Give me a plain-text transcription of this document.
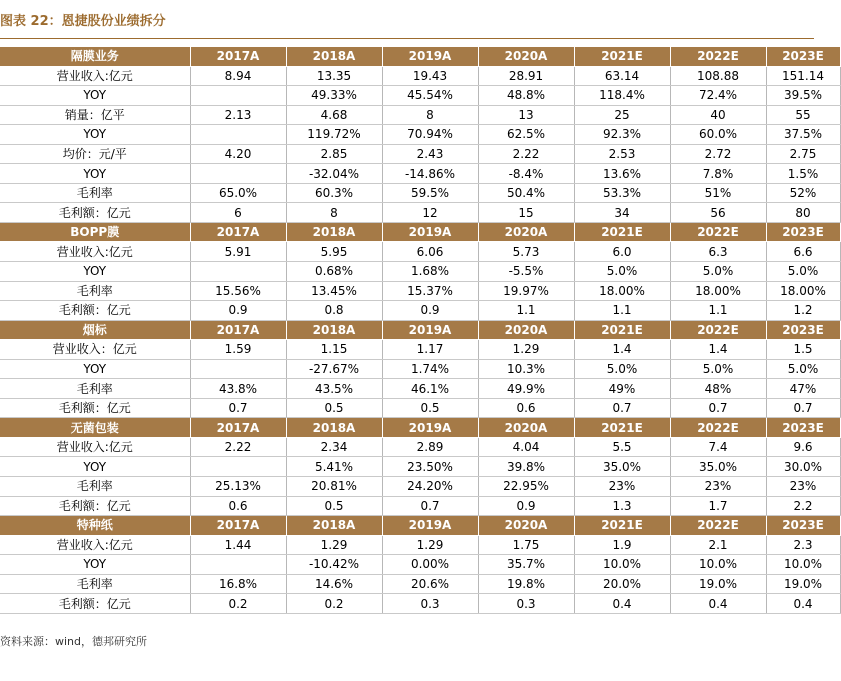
图表 22：恩捷股份业绩拆分
隔膜业务	2017A	2018A	2019A	2020A	2021E	2022E	2023E
营业收入:亿元	8.94	13.35	19.43	28.91	63.14	108.88	151.14
YOY		49.33%	45.54%	48.8%	118.4%	72.4%	39.5%
销量：亿平	2.13	4.68	8	13	25	40	55
YOY		119.72%	70.94%	62.5%	92.3%	60.0%	37.5%
均价：元/平	4.20	2.85	2.43	2.22	2.53	2.72	2.75
YOY		-32.04%	-14.86%	-8.4%	13.6%	7.8%	1.5%
毛利率	65.0%	60.3%	59.5%	50.4%	53.3%	51%	52%
毛利额：亿元	6	8	12	15	34	56	80
BOPP膜	2017A	2018A	2019A	2020A	2021E	2022E	2023E
营业收入:亿元	5.91	5.95	6.06	5.73	6.0	6.3	6.6
YOY		0.68%	1.68%	-5.5%	5.0%	5.0%	5.0%
毛利率	15.56%	13.45%	15.37%	19.97%	18.00%	18.00%	18.00%
毛利额：亿元	0.9	0.8	0.9	1.1	1.1	1.1	1.2
烟标	2017A	2018A	2019A	2020A	2021E	2022E	2023E
营业收入：亿元	1.59	1.15	1.17	1.29	1.4	1.4	1.5
YOY		-27.67%	1.74%	10.3%	5.0%	5.0%	5.0%
毛利率	43.8%	43.5%	46.1%	49.9%	49%	48%	47%
毛利额：亿元	0.7	0.5	0.5	0.6	0.7	0.7	0.7
无菌包装	2017A	2018A	2019A	2020A	2021E	2022E	2023E
营业收入:亿元	2.22	2.34	2.89	4.04	5.5	7.4	9.6
YOY		5.41%	23.50%	39.8%	35.0%	35.0%	30.0%
毛利率	25.13%	20.81%	24.20%	22.95%	23%	23%	23%
毛利额：亿元	0.6	0.5	0.7	0.9	1.3	1.7	2.2
特种纸	2017A	2018A	2019A	2020A	2021E	2022E	2023E
营业收入:亿元	1.44	1.29	1.29	1.75	1.9	2.1	2.3
YOY		-10.42%	0.00%	35.7%	10.0%	10.0%	10.0%
毛利率	16.8%	14.6%	20.6%	19.8%	20.0%	19.0%	19.0%
毛利额：亿元	0.2	0.2	0.3	0.3	0.4	0.4	0.4
资料来源：wind，德邦研究所
